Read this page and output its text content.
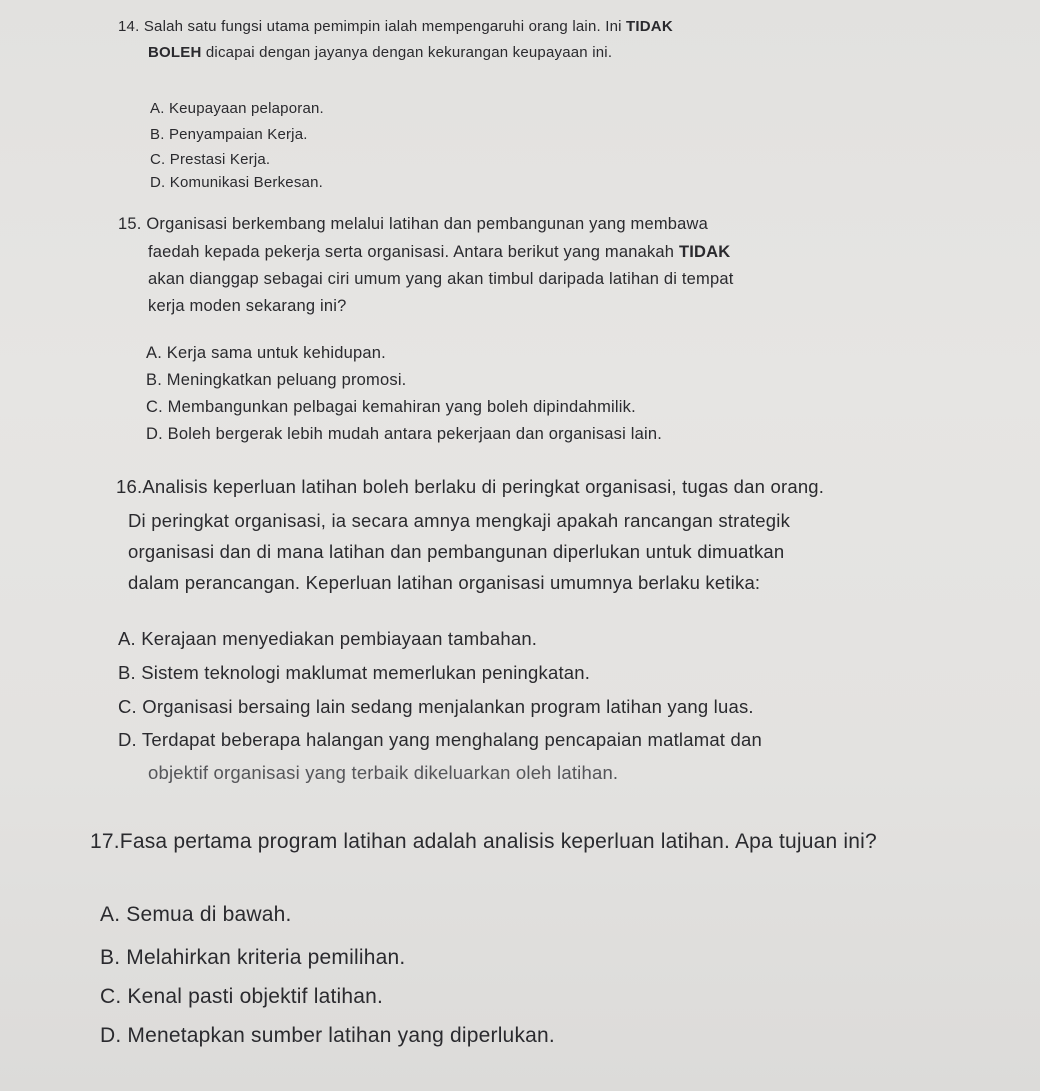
14. Salah satu fungsi utama pemimpin ialah mempengaruhi orang lain. Ini TIDAK
BOLEH dicapai dengan jayanya dengan kekurangan keupayaan ini.
A. Keupayaan pelaporan.
B. Penyampaian Kerja.
C. Prestasi Kerja.
D. Komunikasi Berkesan.
15. Organisasi berkembang melalui latihan dan pembangunan yang membawa
faedah kepada pekerja serta organisasi. Antara berikut yang manakah TIDAK
akan dianggap sebagai ciri umum yang akan timbul daripada latihan di tempat
kerja moden sekarang ini?
A. Kerja sama untuk kehidupan.
B. Meningkatkan peluang promosi.
C. Membangunkan pelbagai kemahiran yang boleh dipindahmilik.
D. Boleh bergerak lebih mudah antara pekerjaan dan organisasi lain.
16.Analisis keperluan latihan boleh berlaku di peringkat organisasi, tugas dan orang.
Di peringkat organisasi, ia secara amnya mengkaji apakah rancangan strategik
organisasi dan di mana latihan dan pembangunan diperlukan untuk dimuatkan
dalam perancangan. Keperluan latihan organisasi umumnya berlaku ketika:
A. Kerajaan menyediakan pembiayaan tambahan.
B. Sistem teknologi maklumat memerlukan peningkatan.
C. Organisasi bersaing lain sedang menjalankan program latihan yang luas.
D. Terdapat beberapa halangan yang menghalang pencapaian matlamat dan
objektif organisasi yang terbaik dikeluarkan oleh latihan.
17.Fasa pertama program latihan adalah analisis keperluan latihan. Apa tujuan ini?
A. Semua di bawah.
B. Melahirkan kriteria pemilihan.
C. Kenal pasti objektif latihan.
D. Menetapkan sumber latihan yang diperlukan.
